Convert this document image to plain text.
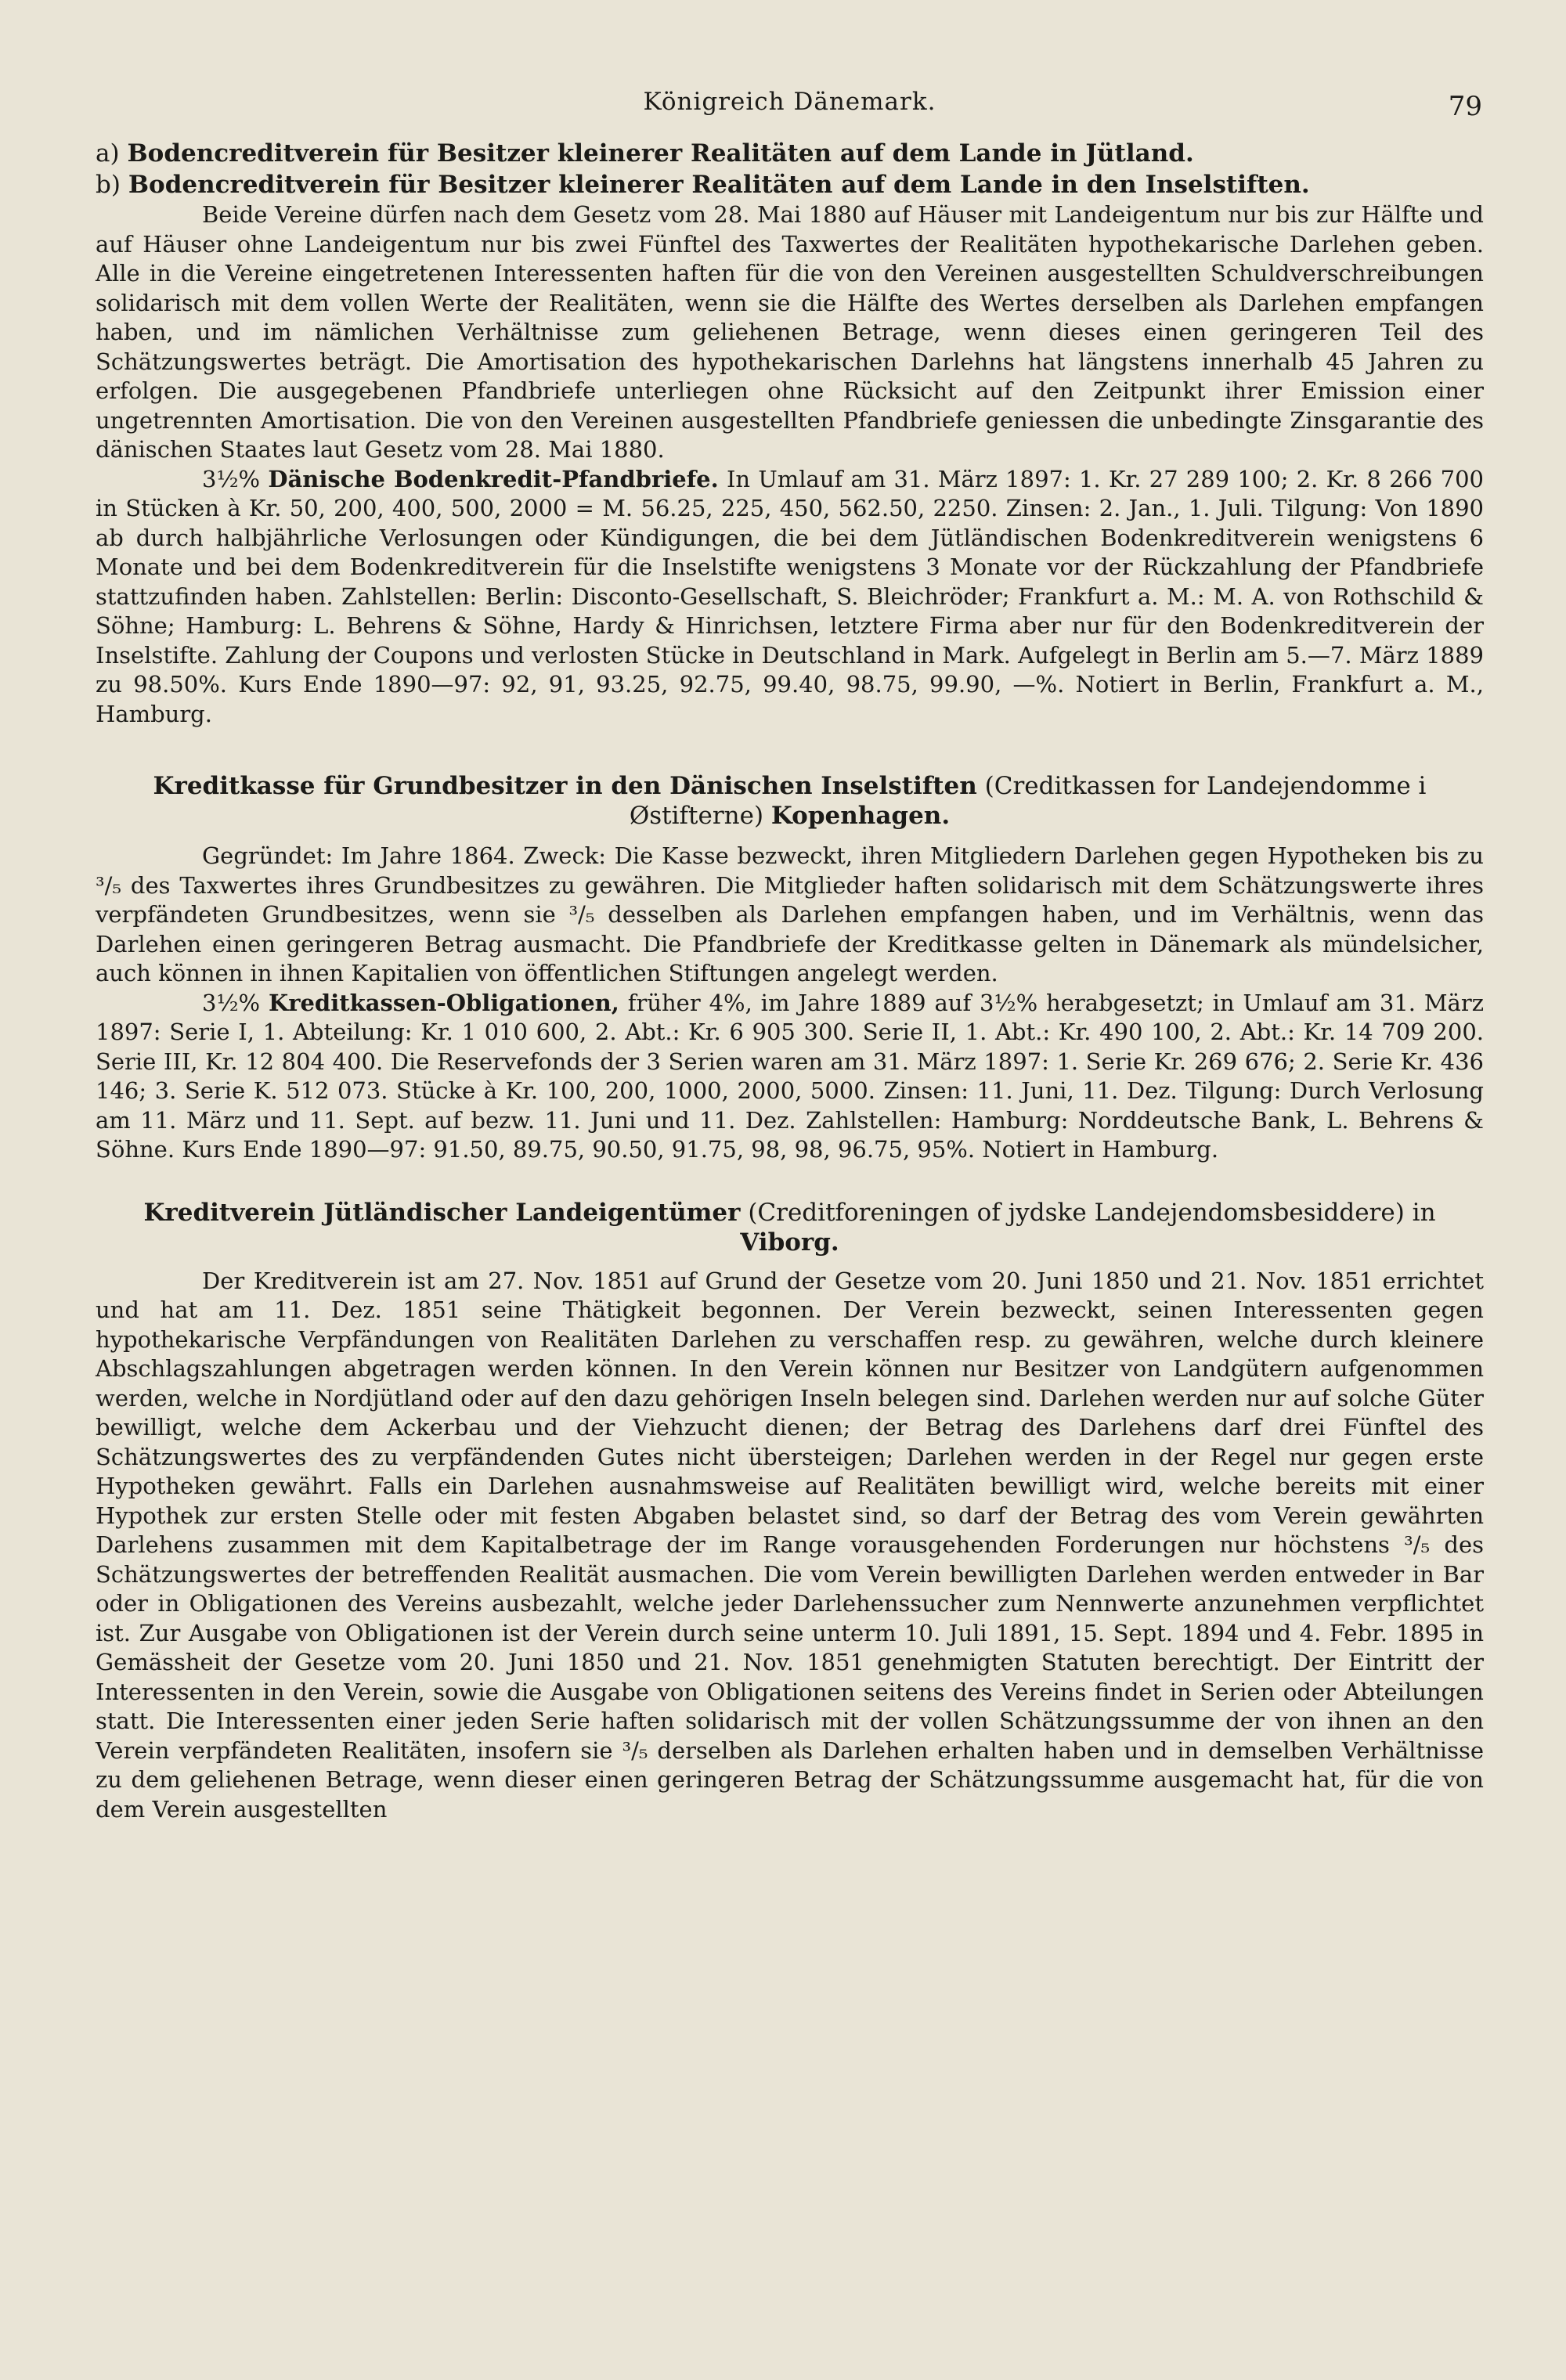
Königreich Dänemark.	79

a) Bodencreditverein für Besitzer kleinerer Realitäten auf dem Lande in Jütland.

b) Bodencreditverein für Besitzer kleinerer Realitäten auf dem Lande in den Inselstiften.

Beide Vereine dürfen nach dem Gesetz vom 28. Mai 1880 auf Häuser mit Landeigentum nur bis zur Hälfte und auf Häuser ohne Landeigentum nur bis zwei Fünftel des Taxwertes der Realitäten hypothekarische Darlehen geben. Alle in die Vereine eingetretenen Interessenten haften für die von den Vereinen ausgestellten Schuldverschreibungen solidarisch mit dem vollen Werte der Realitäten, wenn sie die Hälfte des Wertes derselben als Darlehen empfangen haben, und im nämlichen Verhältnisse zum geliehenen Betrage, wenn dieses einen geringeren Teil des Schätzungswertes beträgt. Die Amortisation des hypothekarischen Darlehns hat längstens innerhalb 45 Jahren zu erfolgen. Die ausgegebenen Pfandbriefe unterliegen ohne Rücksicht auf den Zeitpunkt ihrer Emission einer ungetrennten Amortisation. Die von den Vereinen ausgestellten Pfandbriefe geniessen die unbedingte Zinsgarantie des dänischen Staates laut Gesetz vom 28. Mai 1880.

3½% Dänische Bodenkredit-Pfandbriefe. In Umlauf am 31. März 1897: 1. Kr. 27 289 100; 2. Kr. 8 266 700 in Stücken à Kr. 50, 200, 400, 500, 2000 = M. 56.25, 225, 450, 562.50, 2250. Zinsen: 2. Jan., 1. Juli. Tilgung: Von 1890 ab durch halbjährliche Verlosungen oder Kündigungen, die bei dem Jütländischen Bodenkreditverein wenigstens 6 Monate und bei dem Bodenkreditverein für die Inselstifte wenigstens 3 Monate vor der Rückzahlung der Pfandbriefe stattzufinden haben. Zahlstellen: Berlin: Disconto-Gesellschaft, S. Bleichröder; Frankfurt a. M.: M. A. von Rothschild & Söhne; Hamburg: L. Behrens & Söhne, Hardy & Hinrichsen, letztere Firma aber nur für den Bodenkreditverein der Inselstifte. Zahlung der Coupons und verlosten Stücke in Deutschland in Mark. Aufgelegt in Berlin am 5.—7. März 1889 zu 98.50%. Kurs Ende 1890—97: 92, 91, 93.25, 92.75, 99.40, 98.75, 99.90, —%. Notiert in Berlin, Frankfurt a. M., Hamburg.

Kreditkasse für Grundbesitzer in den Dänischen Inselstiften (Creditkassen for Landejendomme i Østifterne) Kopenhagen.

Gegründet: Im Jahre 1864. Zweck: Die Kasse bezweckt, ihren Mitgliedern Darlehen gegen Hypotheken bis zu ³/₅ des Taxwertes ihres Grundbesitzes zu gewähren. Die Mitglieder haften solidarisch mit dem Schätzungswerte ihres verpfändeten Grundbesitzes, wenn sie ³/₅ desselben als Darlehen empfangen haben, und im Verhältnis, wenn das Darlehen einen geringeren Betrag ausmacht. Die Pfandbriefe der Kreditkasse gelten in Dänemark als mündelsicher, auch können in ihnen Kapitalien von öffentlichen Stiftungen angelegt werden.

3½% Kreditkassen-Obligationen, früher 4%, im Jahre 1889 auf 3½% herabgesetzt; in Umlauf am 31. März 1897: Serie I, 1. Abteilung: Kr. 1 010 600, 2. Abt.: Kr. 6 905 300. Serie II, 1. Abt.: Kr. 490 100, 2. Abt.: Kr. 14 709 200. Serie III, Kr. 12 804 400. Die Reservefonds der 3 Serien waren am 31. März 1897: 1. Serie Kr. 269 676; 2. Serie Kr. 436 146; 3. Serie K. 512 073. Stücke à Kr. 100, 200, 1000, 2000, 5000. Zinsen: 11. Juni, 11. Dez. Tilgung: Durch Verlosung am 11. März und 11. Sept. auf bezw. 11. Juni und 11. Dez. Zahlstellen: Hamburg: Norddeutsche Bank, L. Behrens & Söhne. Kurs Ende 1890—97: 91.50, 89.75, 90.50, 91.75, 98, 98, 96.75, 95%. Notiert in Hamburg.

Kreditverein Jütländischer Landeigentümer (Creditforeningen of jydske Landejendomsbesiddere) in Viborg.

Der Kreditverein ist am 27. Nov. 1851 auf Grund der Gesetze vom 20. Juni 1850 und 21. Nov. 1851 errichtet und hat am 11. Dez. 1851 seine Thätigkeit begonnen. Der Verein bezweckt, seinen Interessenten gegen hypothekarische Verpfändungen von Realitäten Darlehen zu verschaffen resp. zu gewähren, welche durch kleinere Abschlagszahlungen abgetragen werden können. In den Verein können nur Besitzer von Landgütern aufgenommen werden, welche in Nordjütland oder auf den dazu gehörigen Inseln belegen sind. Darlehen werden nur auf solche Güter bewilligt, welche dem Ackerbau und der Viehzucht dienen; der Betrag des Darlehens darf drei Fünftel des Schätzungswertes des zu verpfändenden Gutes nicht übersteigen; Darlehen werden in der Regel nur gegen erste Hypotheken gewährt. Falls ein Darlehen ausnahmsweise auf Realitäten bewilligt wird, welche bereits mit einer Hypothek zur ersten Stelle oder mit festen Abgaben belastet sind, so darf der Betrag des vom Verein gewährten Darlehens zusammen mit dem Kapitalbetrage der im Range vorausgehenden Forderungen nur höchstens ³/₅ des Schätzungswertes der betreffenden Realität ausmachen. Die vom Verein bewilligten Darlehen werden entweder in Bar oder in Obligationen des Vereins ausbezahlt, welche jeder Darlehenssucher zum Nennwerte anzunehmen verpflichtet ist. Zur Ausgabe von Obligationen ist der Verein durch seine unterm 10. Juli 1891, 15. Sept. 1894 und 4. Febr. 1895 in Gemässheit der Gesetze vom 20. Juni 1850 und 21. Nov. 1851 genehmigten Statuten berechtigt. Der Eintritt der Interessenten in den Verein, sowie die Ausgabe von Obligationen seitens des Vereins findet in Serien oder Abteilungen statt. Die Interessenten einer jeden Serie haften solidarisch mit der vollen Schätzungssumme der von ihnen an den Verein verpfändeten Realitäten, insofern sie ³/₅ derselben als Darlehen erhalten haben und in demselben Verhältnisse zu dem geliehenen Betrage, wenn dieser einen geringeren Betrag der Schätzungssumme ausgemacht hat, für die von dem Verein ausgestellten
